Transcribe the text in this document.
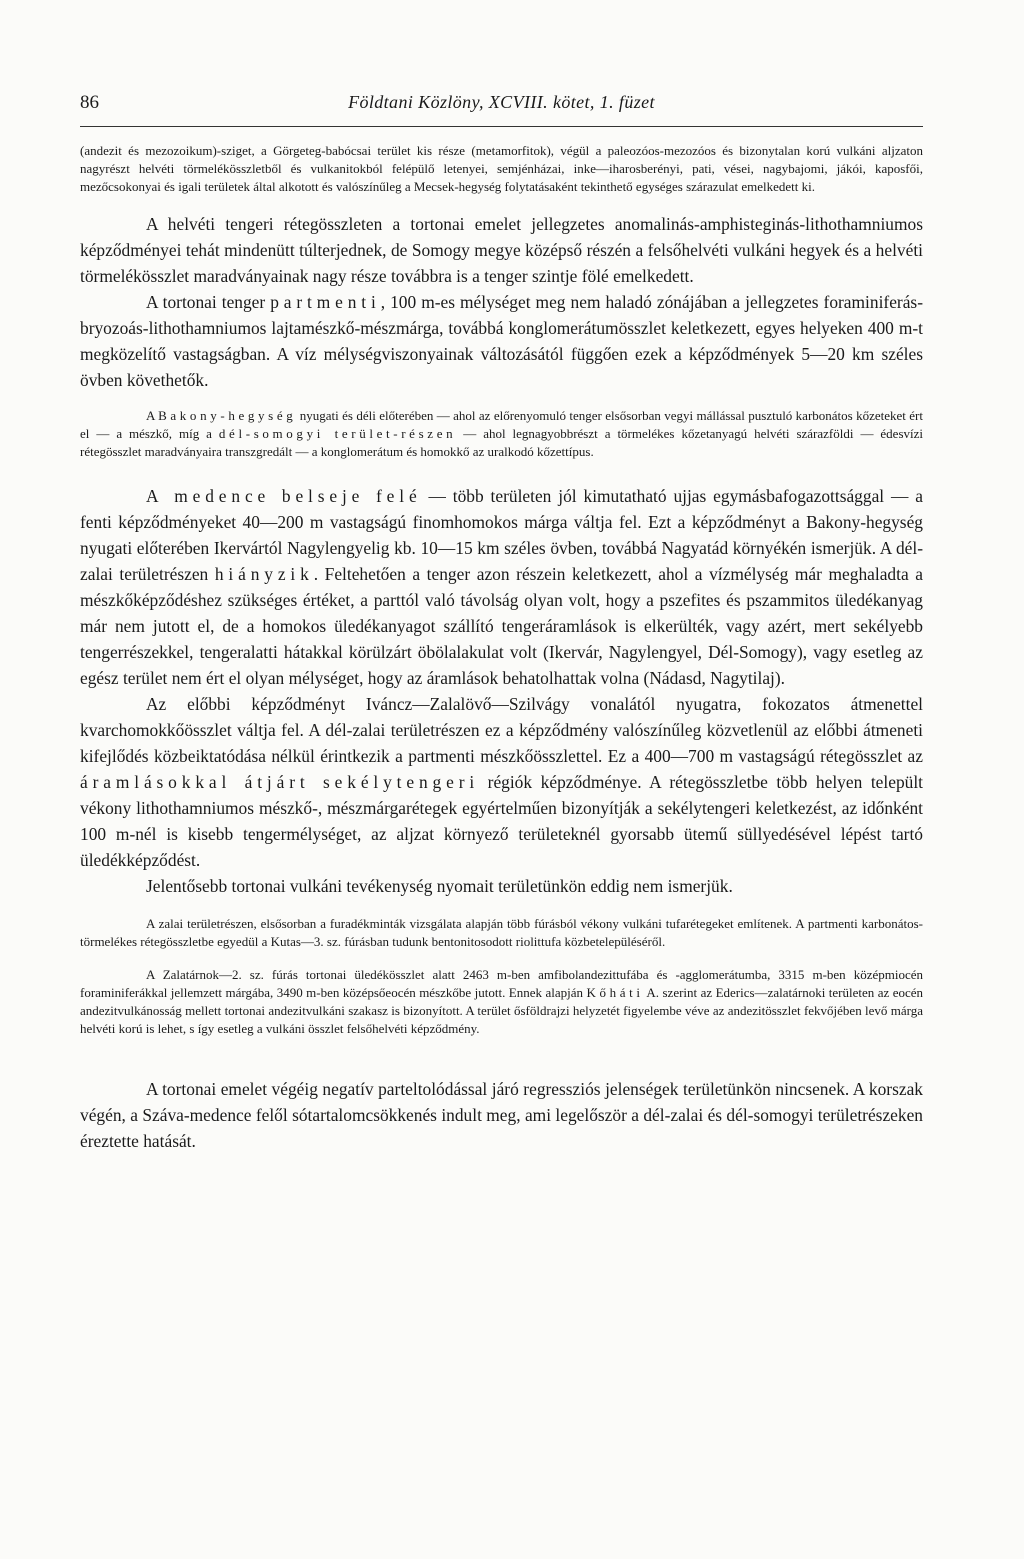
86	Földtani Közlöny, XCVIII. kötet, 1. füzet

(andezit és mezozoikum)-sziget, a Görgeteg-babócsai terület kis része (metamorfitok), végül a paleozóos-mezozóos és bizonytalan korú vulkáni aljzaton nagyrészt helvéti törmelékösszletből és vulkanitokból felépülő letenyei, semjénházai, inke—iharosberényi, pati, vései, nagybajomi, jákói, kaposfői, mezőcsokonyai és igali területek által alkotott és valószínűleg a Mecsek-hegység folytatásaként tekinthető egységes szárazulat emelkedett ki.

A helvéti tengeri rétegösszleten a tortonai emelet jellegzetes anomalinás-amphisteginás-lithothamniumos képződményei tehát mindenütt túlterjednek, de Somogy megye középső részén a felsőhelvéti vulkáni hegyek és a helvéti törmelékösszlet maradványainak nagy része továbbra is a tenger szintje fölé emelkedett.

A tortonai tenger partmenti, 100 m-es mélységet meg nem haladó zónájában a jellegzetes foraminiferás-bryozoás-lithothamniumos lajtamészkő-mészmárga, továbbá konglomerátumösszlet keletkezett, egyes helyeken 400 m-t megközelítő vastagságban. A víz mélységviszonyainak változásától függően ezek a képződmények 5—20 km széles övben követhetők.

A Bakony-hegység nyugati és déli előterében — ahol az előrenyomuló tenger elsősorban vegyi mállással pusztuló karbonátos kőzeteket ért el — a mészkő, míg a dél-somogyi terület-részen — ahol legnagyobbrészt a törmelékes kőzetanyagú helvéti szárazföldi — édesvízi rétegösszlet maradványaira transzgredált — a konglomerátum és homokkő az uralkodó kőzettípus.

A medence belseje felé — több területen jól kimutatható ujjas egymásbafogazottsággal — a fenti képződményeket 40—200 m vastagságú finomhomokos márga váltja fel. Ezt a képződményt a Bakony-hegység nyugati előterében Ikervártól Nagylengyelig kb. 10—15 km széles övben, továbbá Nagyatád környékén ismerjük. A dél-zalai területrészen hiányzik. Feltehetően a tenger azon részein keletkezett, ahol a vízmélység már meghaladta a mészkőképződéshez szükséges értéket, a parttól való távolság olyan volt, hogy a pszefites és pszammitos üledékanyag már nem jutott el, de a homokos üledékanyagot szállító tengeráramlások is elkerülték, vagy azért, mert sekélyebb tengerrészekkel, tengeralatti hátakkal körülzárt öbölalakulat volt (Ikervár, Nagylengyel, Dél-Somogy), vagy esetleg az egész terület nem ért el olyan mélységet, hogy az áramlások behatolhattak volna (Nádasd, Nagytilaj).

Az előbbi képződményt Iváncz—Zalalövő—Szilvágy vonalától nyugatra, fokozatos átmenettel kvarchomokkőösszlet váltja fel. A dél-zalai területrészen ez a képződmény valószínűleg közvetlenül az előbbi átmeneti kifejlődés közbeiktatódása nélkül érintkezik a partmenti mészkőösszlettel. Ez a 400—700 m vastagságú rétegösszlet az áramlásokkal átjárt sekélytengeri régiók képződménye. A rétegösszletbe több helyen települt vékony lithothamniumos mészkő-, mészmárgarétegek egyértelműen bizonyítják a sekélytengeri keletkezést, az időnként 100 m-nél is kisebb tengermélységet, az aljzat környező területeknél gyorsabb ütemű süllyedésével lépést tartó üledékképződést.

Jelentősebb tortonai vulkáni tevékenység nyomait területünkön eddig nem ismerjük.

A zalai területrészen, elsősorban a furadékminták vizsgálata alapján több fúrásból vékony vulkáni tufarétegeket említenek. A partmenti karbonátos-törmelékes rétegösszletbe egyedül a Kutas—3. sz. fúrásban tudunk bentonitosodott riolittufa közbetelepüléséről.

A Zalatárnok—2. sz. fúrás tortonai üledékösszlet alatt 2463 m-ben amfibolandezittufába és -agglomerátumba, 3315 m-ben középmiocén foraminiferákkal jellemzett márgába, 3490 m-ben középsőeocén mészkőbe jutott. Ennek alapján Kőháti A. szerint az Ederics—zalatárnoki területen az eocén andezitvulkánosság mellett tortonai andezitvulkáni szakasz is bizonyított. A terület ősföldrajzi helyzetét figyelembe véve az andezitösszlet fekvőjében levő márga helvéti korú is lehet, s így esetleg a vulkáni összlet felsőhelvéti képződmény.

A tortonai emelet végéig negatív parteltolódással járó regressziós jelenségek területünkön nincsenek. A korszak végén, a Száva-medence felől sótartalomcsökkenés indult meg, ami legelőször a dél-zalai és dél-somogyi területrészeken éreztette hatását.
